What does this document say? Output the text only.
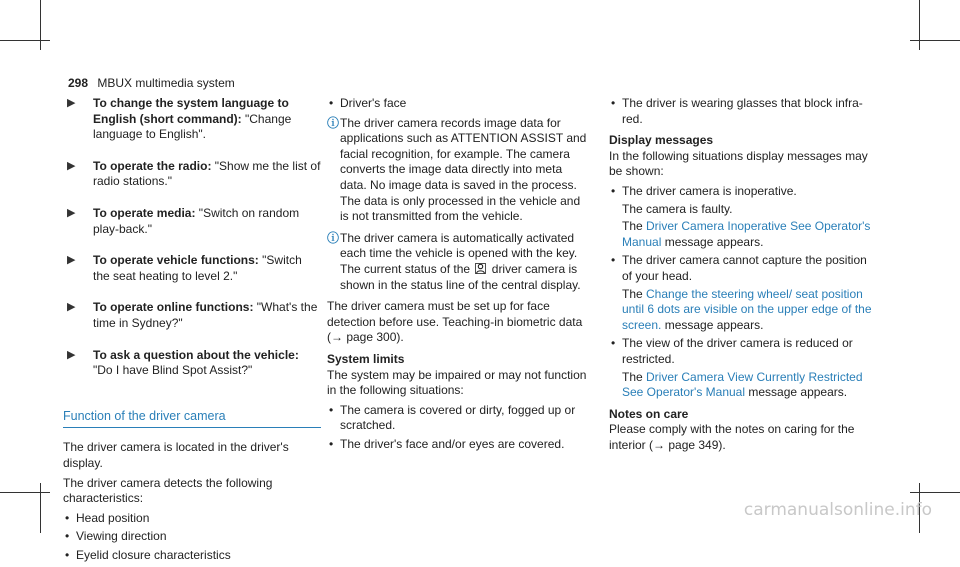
298 MBUX multimedia system
▶ To change the system language to English (short command): "Change language to English".
▶ To operate the radio: "Show me the list of radio stations."
▶ To operate media: "Switch on random play-back."
▶ To operate vehicle functions: "Switch the seat heating to level 2."
▶ To operate online functions: "What's the time in Sydney?"
▶ To ask a question about the vehicle: "Do I have Blind Spot Assist?"
Function of the driver camera

The driver camera is located in the driver's display.

The driver camera detects the following characteristics:

• Head position
• Viewing direction
• Eyelid closure characteristics
• Driver's face
ⓘ The driver camera records image data for applications such as ATTENTION ASSIST and facial recognition, for example. The camera converts the image data directly into meta data. No image data is saved in the process. The data is only processed in the vehicle and is not transmitted from the vehicle.
ⓘ The driver camera is automatically activated each time the vehicle is opened with the key. The current status of the driver camera is shown in the status line of the central display.

The driver camera must be set up for face detection before use. Teaching-in biometric data (→ page 300).

System limits

The system may be impaired or may not function in the following situations:

• The camera is covered or dirty, fogged up or scratched.
• The driver's face and/or eyes are covered.
• The driver is wearing glasses that block infra-red.
Display messages

In the following situations display messages may be shown:

• The driver camera is inoperative.
The camera is faulty.
The Driver Camera Inoperative See Operator's Manual message appears.
• The driver camera cannot capture the position of your head.
The Change the steering wheel/ seat position until 6 dots are visible on the upper edge of the screen. message appears.
• The view of the driver camera is reduced or restricted.
The Driver Camera View Currently Restricted See Operator's Manual message appears.
Notes on care

Please comply with the notes on caring for the interior (→ page 349).

carmanualsonline.info
